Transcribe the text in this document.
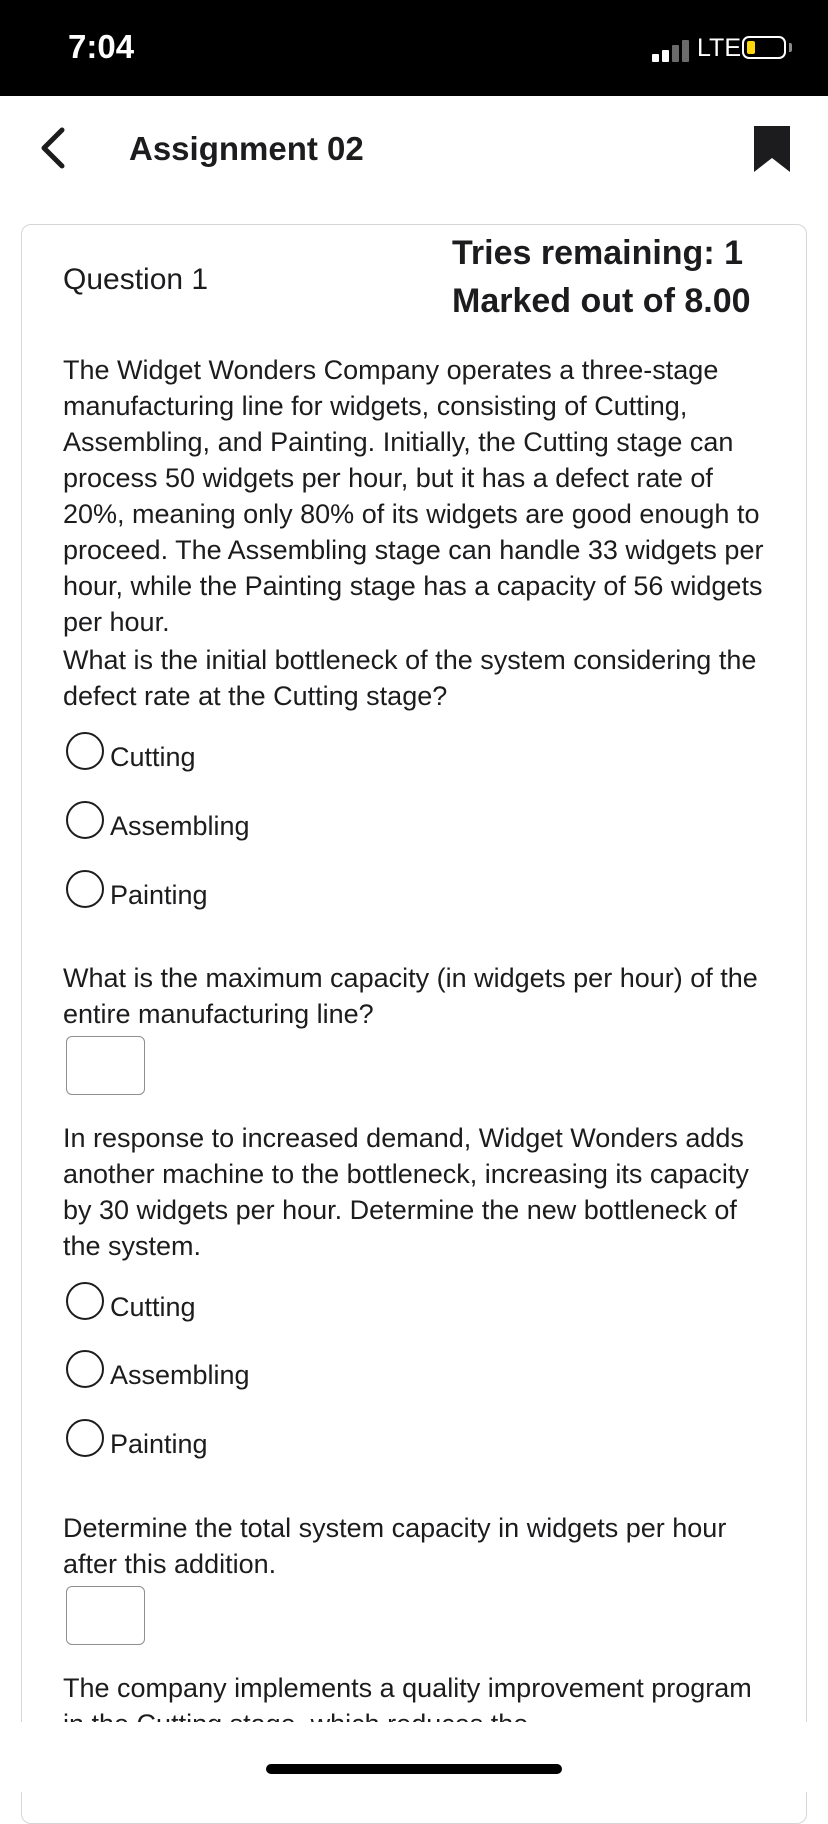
7:04	LTE
Assignment 02
Question 1
Tries remaining: 1
Marked out of 8.00

The Widget Wonders Company operates a three-stage manufacturing line for widgets, consisting of Cutting, Assembling, and Painting. Initially, the Cutting stage can process 50 widgets per hour, but it has a defect rate of 20%, meaning only 80% of its widgets are good enough to proceed. The Assembling stage can handle 33 widgets per hour, while the Painting stage has a capacity of 56 widgets per hour.

What is the initial bottleneck of the system considering the defect rate at the Cutting stage?

Cutting
Assembling
Painting

What is the maximum capacity (in widgets per hour) of the entire manufacturing line?

In response to increased demand, Widget Wonders adds another machine to the bottleneck, increasing its capacity by 30 widgets per hour. Determine the new bottleneck of the system.

Cutting
Assembling
Painting

Determine the total system capacity in widgets per hour after this addition.

The company implements a quality improvement program
